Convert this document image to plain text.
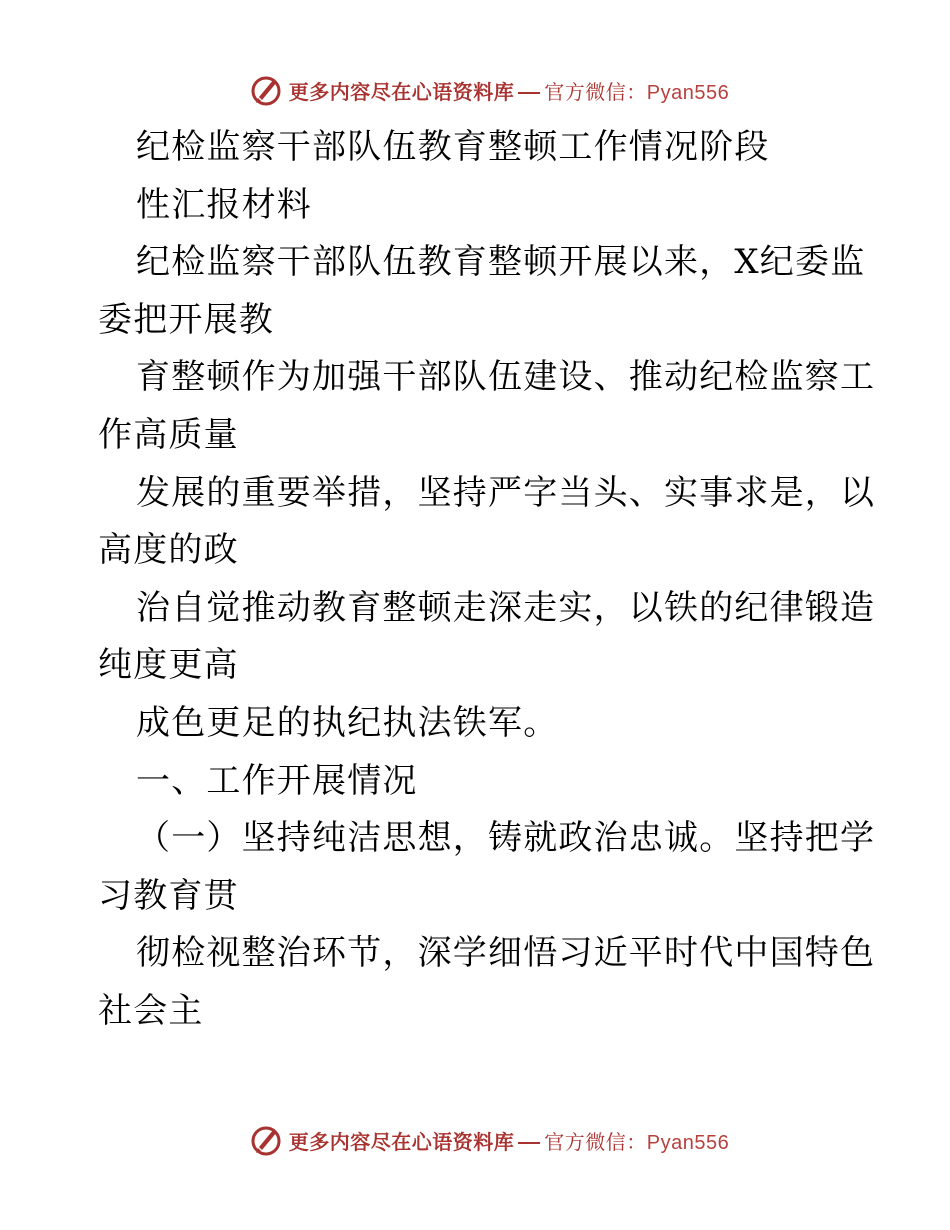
更多内容尽在心语资料库 官方微信：Pyan556
纪检监察干部队伍教育整顿工作情况阶段
性汇报材料
纪检监察干部队伍教育整顿开展以来，X纪委监
委把开展教
育整顿作为加强干部队伍建设、推动纪检监察工
作高质量
发展的重要举措，坚持严字当头、实事求是，以
高度的政
治自觉推动教育整顿走深走实，以铁的纪律锻造
纯度更高
成色更足的执纪执法铁军。
一、工作开展情况
（一）坚持纯洁思想，铸就政治忠诚。坚持把学
习教育贯
彻检视整治环节，深学细悟习近平时代中国特色
社会主
更多内容尽在心语资料库 官方微信：Pyan556
